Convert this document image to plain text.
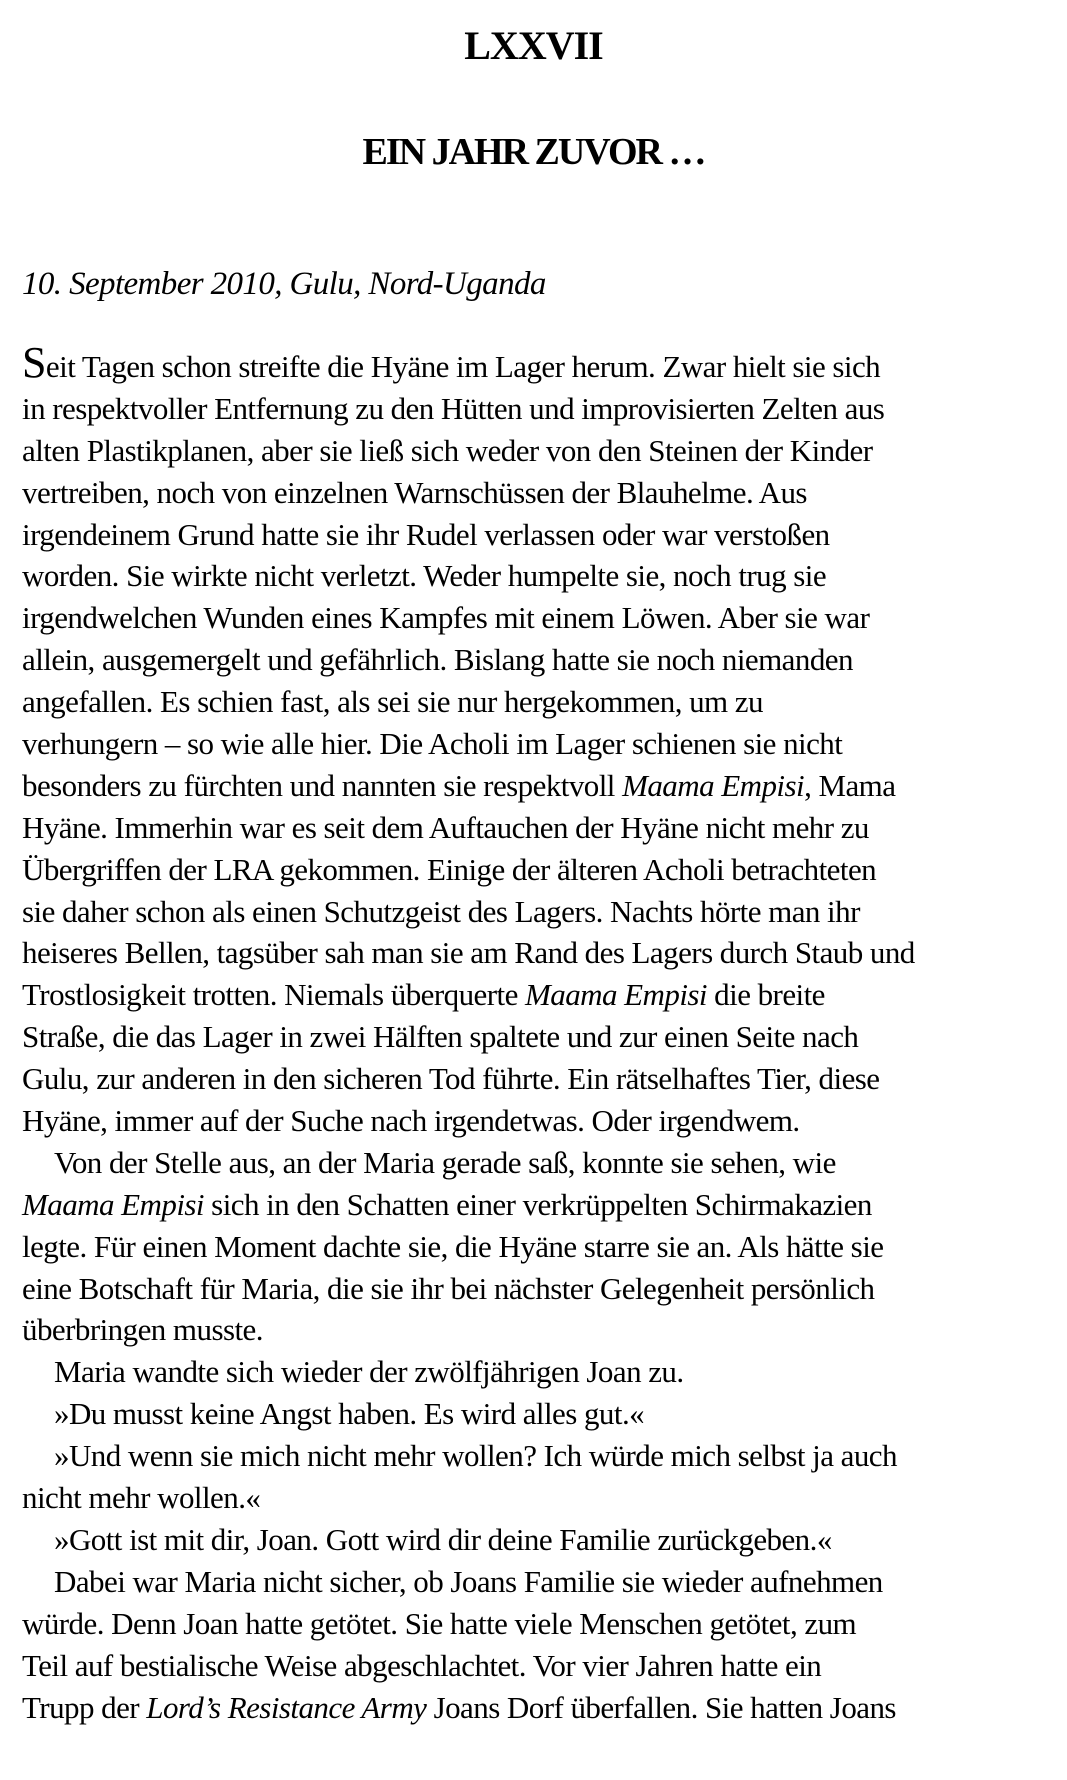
LXXVII
EIN JAHR ZUVOR …

10. September 2010, Gulu, Nord-Uganda

Seit Tagen schon streifte die Hyäne im Lager herum. Zwar hielt sie sich
in respektvoller Entfernung zu den Hütten und improvisierten Zelten aus
alten Plastikplanen, aber sie ließ sich weder von den Steinen der Kinder
vertreiben, noch von einzelnen Warnschüssen der Blauhelme. Aus
irgendeinem Grund hatte sie ihr Rudel verlassen oder war verstoßen
worden. Sie wirkte nicht verletzt. Weder humpelte sie, noch trug sie
irgendwelchen Wunden eines Kampfes mit einem Löwen. Aber sie war
allein, ausgemergelt und gefährlich. Bislang hatte sie noch niemanden
angefallen. Es schien fast, als sei sie nur hergekommen, um zu
verhungern – so wie alle hier. Die Acholi im Lager schienen sie nicht
besonders zu fürchten und nannten sie respektvoll Maama Empisi, Mama
Hyäne. Immerhin war es seit dem Auftauchen der Hyäne nicht mehr zu
Übergriffen der LRA gekommen. Einige der älteren Acholi betrachteten
sie daher schon als einen Schutzgeist des Lagers. Nachts hörte man ihr
heiseres Bellen, tagsüber sah man sie am Rand des Lagers durch Staub und
Trostlosigkeit trotten. Niemals überquerte Maama Empisi die breite
Straße, die das Lager in zwei Hälften spaltete und zur einen Seite nach
Gulu, zur anderen in den sicheren Tod führte. Ein rätselhaftes Tier, diese
Hyäne, immer auf der Suche nach irgendetwas. Oder irgendwem.
Von der Stelle aus, an der Maria gerade saß, konnte sie sehen, wie
Maama Empisi sich in den Schatten einer verkrüppelten Schirmakazien
legte. Für einen Moment dachte sie, die Hyäne starre sie an. Als hätte sie
eine Botschaft für Maria, die sie ihr bei nächster Gelegenheit persönlich
überbringen musste.
Maria wandte sich wieder der zwölfjährigen Joan zu.
»Du musst keine Angst haben. Es wird alles gut.«
»Und wenn sie mich nicht mehr wollen? Ich würde mich selbst ja auch
nicht mehr wollen.«
»Gott ist mit dir, Joan. Gott wird dir deine Familie zurückgeben.«
Dabei war Maria nicht sicher, ob Joans Familie sie wieder aufnehmen
würde. Denn Joan hatte getötet. Sie hatte viele Menschen getötet, zum
Teil auf bestialische Weise abgeschlachtet. Vor vier Jahren hatte ein
Trupp der Lord’s Resistance Army Joans Dorf überfallen. Sie hatten Joans
